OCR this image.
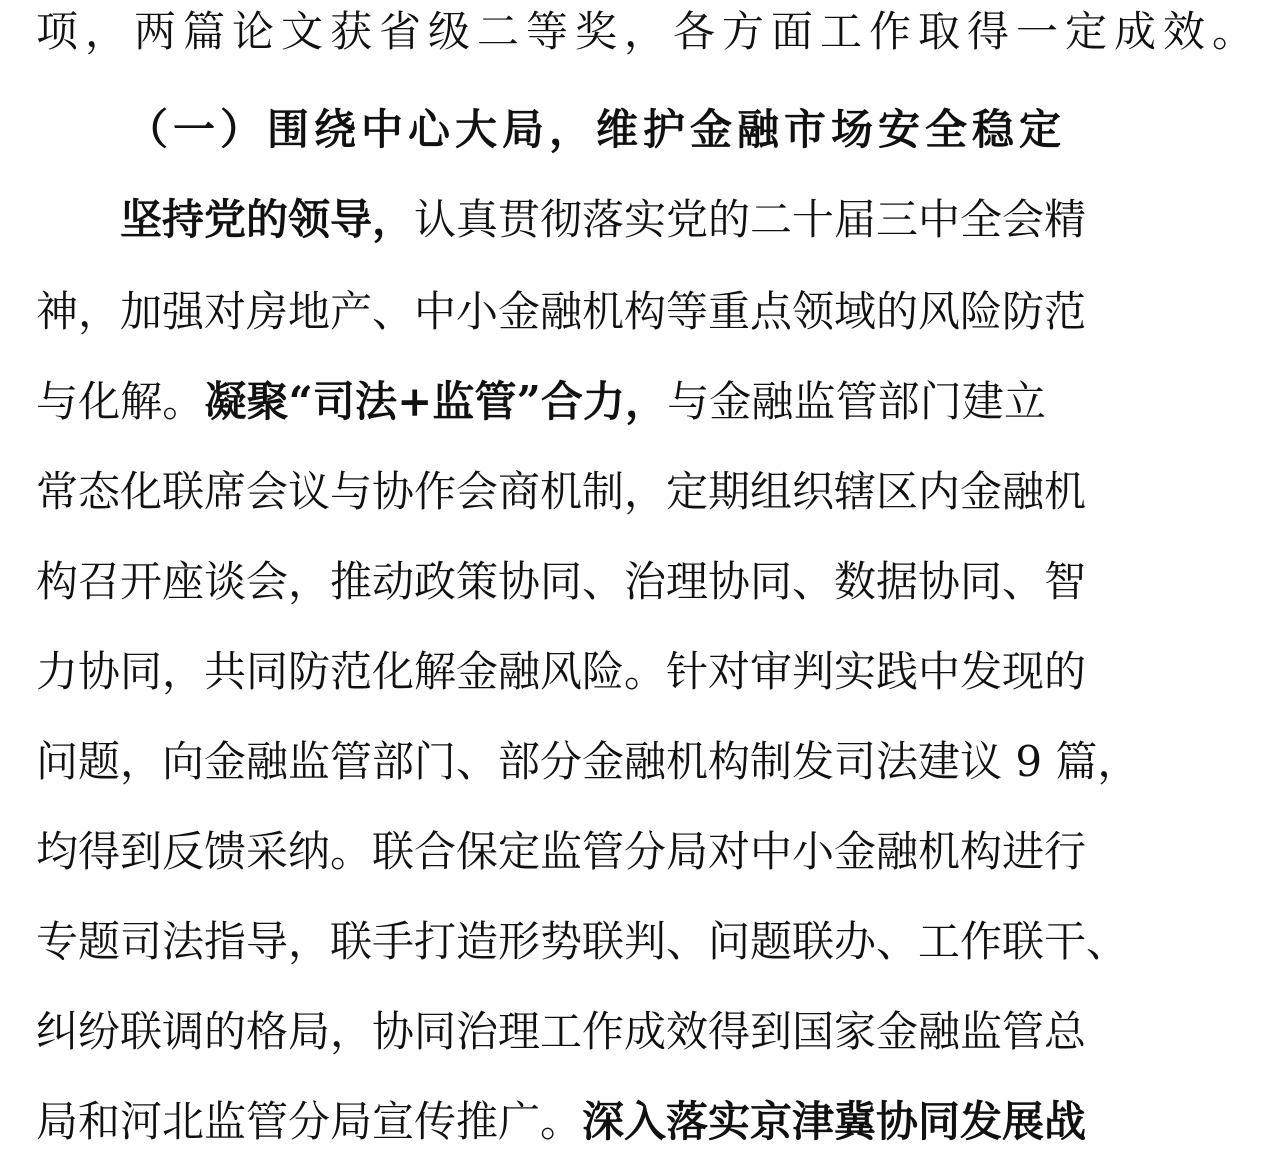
项，两篇论文获省级二等奖，各方面工作取得一定成效。
（一）围绕中心大局，维护金融市场安全稳定
坚持党的领导，认真贯彻落实党的二十届三中全会精
神，加强对房地产、中小金融机构等重点领域的风险防范
与化解。凝聚“司法+监管”合力，与金融监管部门建立
常态化联席会议与协作会商机制，定期组织辖区内金融机
构召开座谈会，推动政策协同、治理协同、数据协同、智
力协同，共同防范化解金融风险。针对审判实践中发现的
问题，向金融监管部门、部分金融机构制发司法建议 9 篇，
均得到反馈采纳。联合保定监管分局对中小金融机构进行
专题司法指导，联手打造形势联判、问题联办、工作联干、
纠纷联调的格局，协同治理工作成效得到国家金融监管总
局和河北监管分局宣传推广。深入落实京津冀协同发展战
